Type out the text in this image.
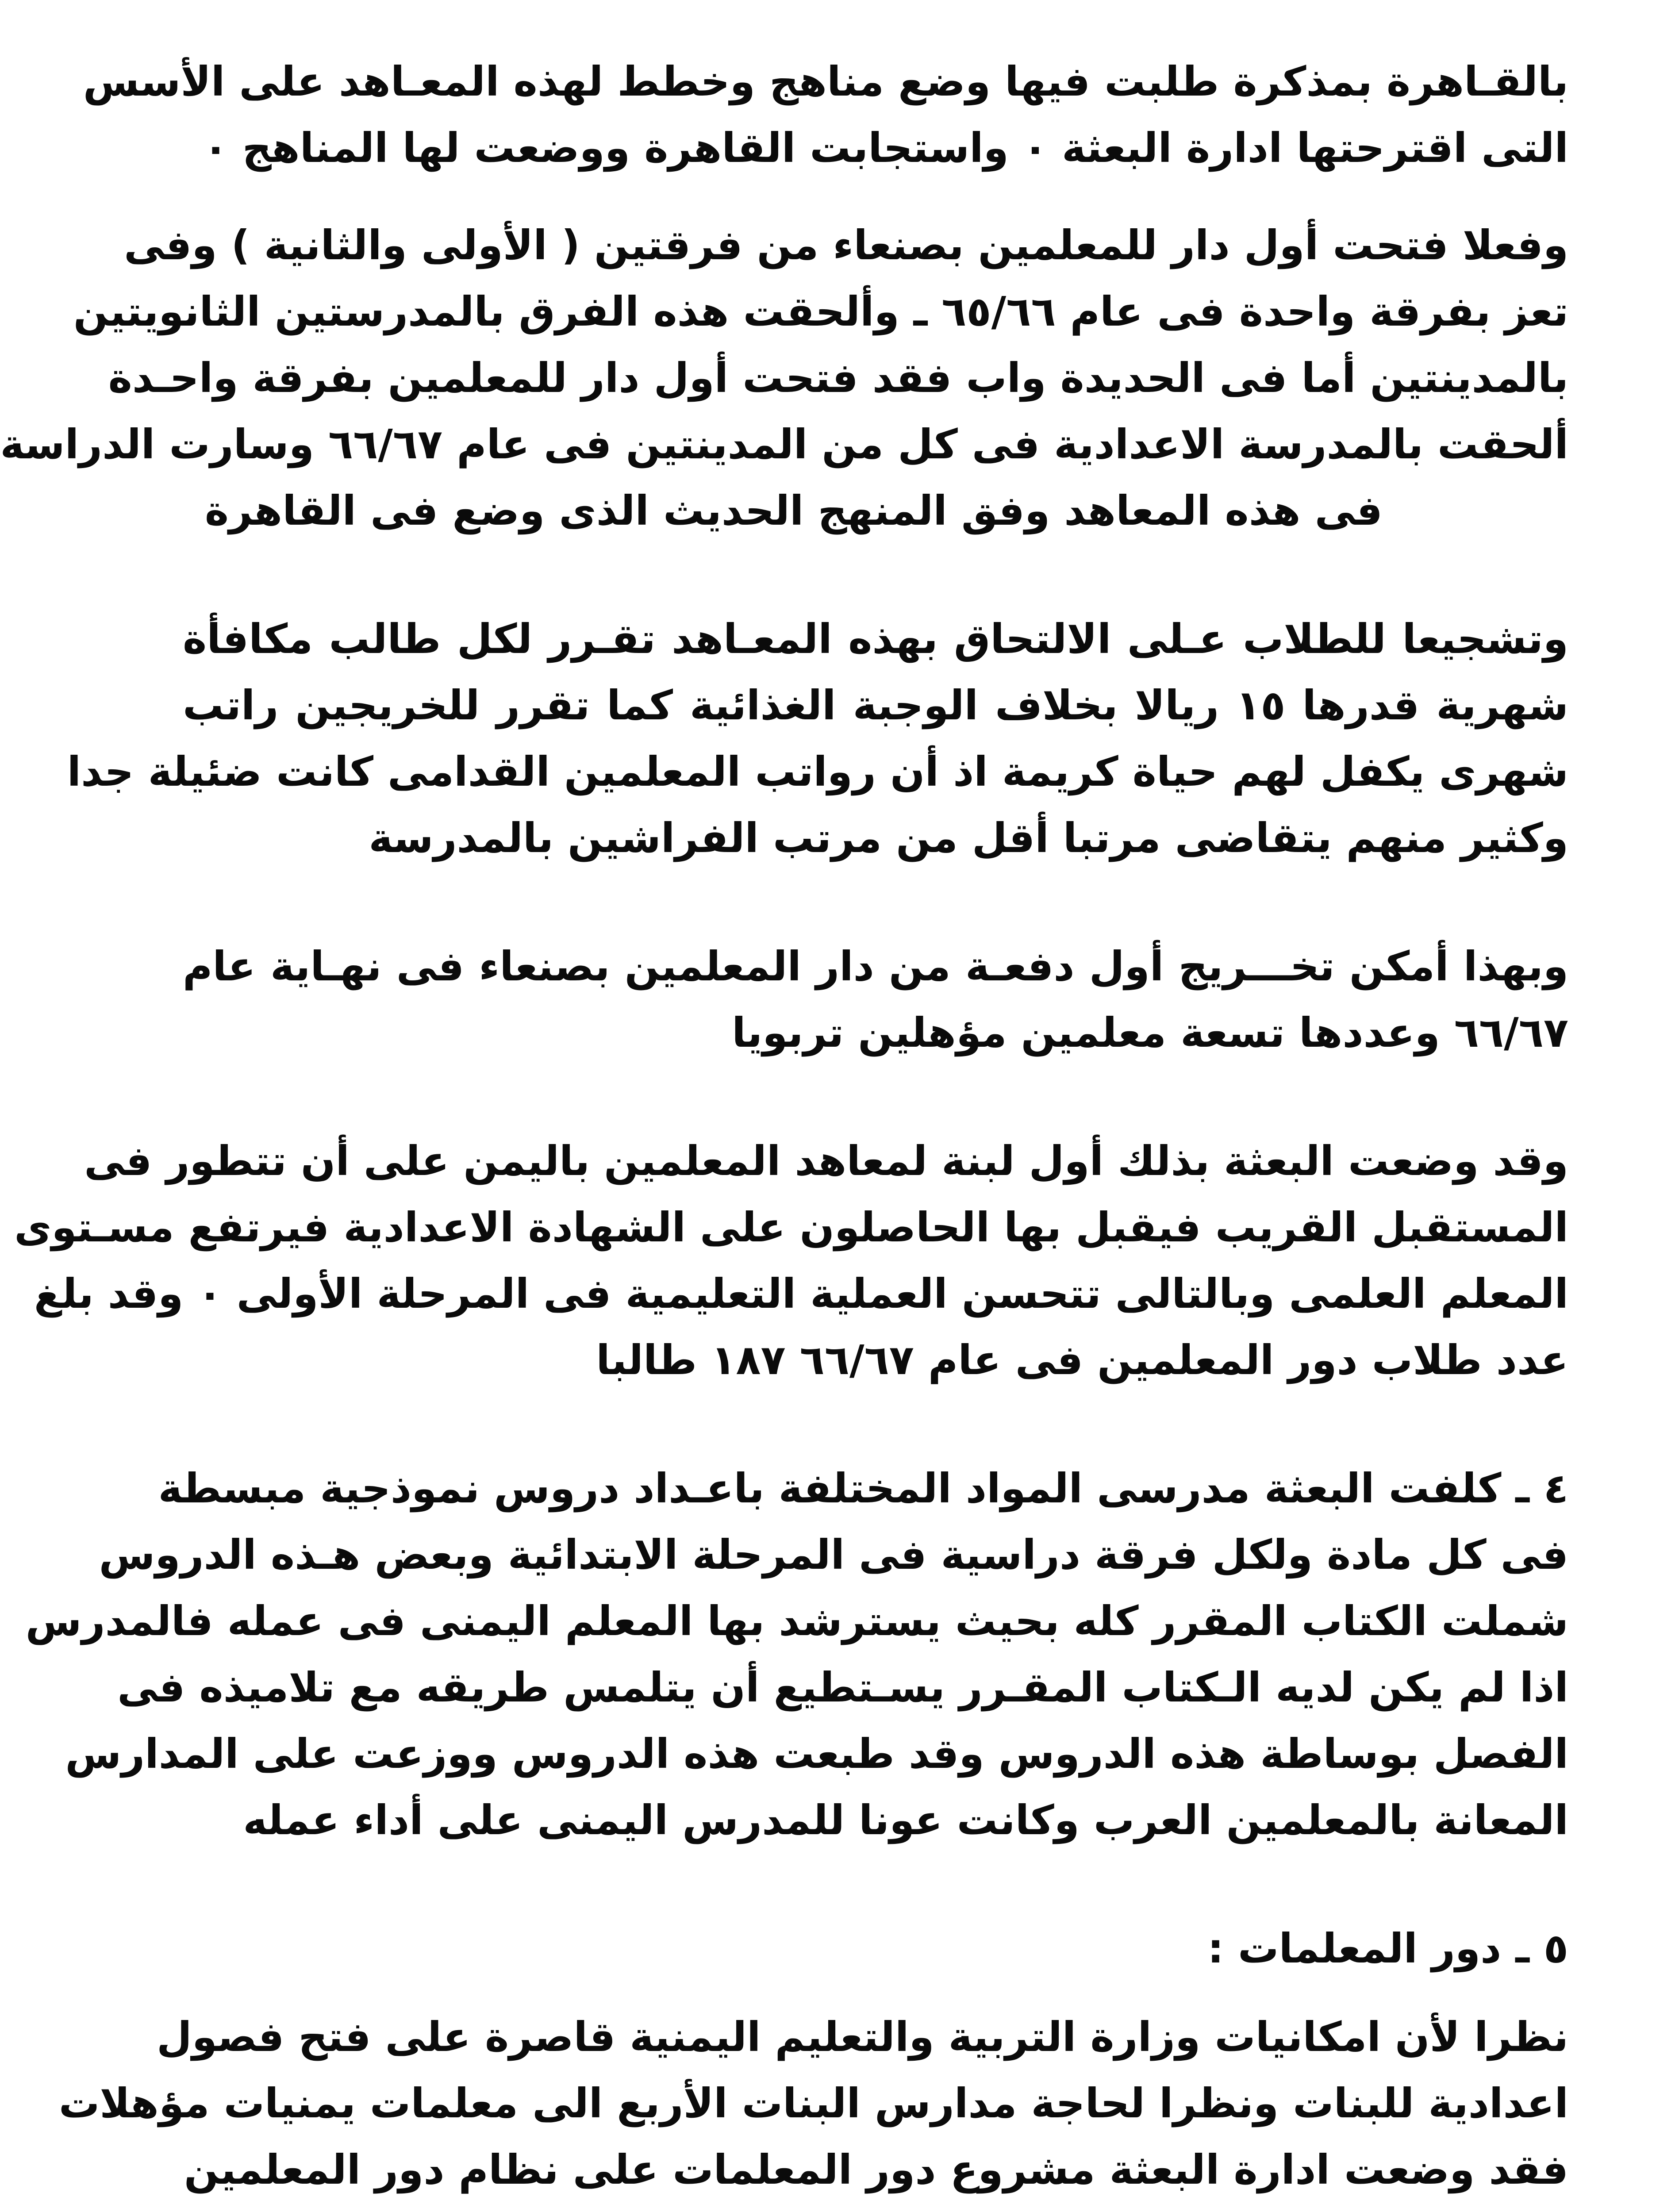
بالقـاهرة بمذكرة طلبت فيها وضع مناهج وخطط لهذه المعـاهد على الأسس
التى اقترحتها ادارة البعثة ٠ واستجابت القاهرة ووضعت لها المناهج ٠
وفعلا فتحت أول دار للمعلمين بصنعاء من فرقتين ( الأولى والثانية ) وفى
تعز بفرقة واحدة فى عام ٦٥/٦٦ ـ وألحقت هذه الفرق بالمدرستين الثانويتين
بالمدينتين أما فى الحديدة واب فقد فتحت أول دار للمعلمين بفرقة واحـدة
ألحقت بالمدرسة الاعدادية فى كل من المدينتين فى عام ٦٦/٦٧ وسارت الدراسة
فى هذه المعاهد وفق المنهج الحديث الذى وضع فى القاهرة
وتشجيعا للطلاب عـلى الالتحاق بهذه المعـاهد تقـرر لكل طالب مكافأة
شهرية قدرها ١٥ ريالا بخلاف الوجبة الغذائية كما تقرر للخريجين راتب
شهرى يكفل لهم حياة كريمة اذ أن رواتب المعلمين القدامى كانت ضئيلة جدا
وكثير منهم يتقاضى مرتبا أقل من مرتب الفراشين بالمدرسة
وبهذا أمكن تخـــريج أول دفعـة من دار المعلمين بصنعاء فى نهـاية عام
٦٦/٦٧ وعددها تسعة معلمين مؤهلين تربويا
وقد وضعت البعثة بذلك أول لبنة لمعاهد المعلمين باليمن على أن تتطور فى
المستقبل القريب فيقبل بها الحاصلون على الشهادة الاعدادية فيرتفع مسـتوى
المعلم العلمى وبالتالى تتحسن العملية التعليمية فى المرحلة الأولى ٠ وقد بلغ
عدد طلاب دور المعلمين فى عام ٦٦/٦٧ ١٨٧ طالبا
٤ ـ كلفت البعثة مدرسى المواد المختلفة باعـداد دروس نموذجية مبسطة
فى كل مادة ولكل فرقة دراسية فى المرحلة الابتدائية وبعض هـذه الدروس
شملت الكتاب المقرر كله بحيث يسترشد بها المعلم اليمنى فى عمله فالمدرس
اذا لم يكن لديه الـكتاب المقـرر يسـتطيع أن يتلمس طريقه مع تلاميذه فى
الفصل بوساطة هذه الدروس وقد طبعت هذه الدروس ووزعت على المدارس
المعانة بالمعلمين العرب وكانت عونا للمدرس اليمنى على أداء عمله
٥ ـ دور المعلمات :
نظرا لأن امكانيات وزارة التربية والتعليم اليمنية قاصرة على فتح فصول
اعدادية للبنات ونظرا لحاجة مدارس البنات الأربع الى معلمات يمنيات مؤهلات
فقد وضعت ادارة البعثة مشروع دور المعلمات على نظام دور المعلمين
